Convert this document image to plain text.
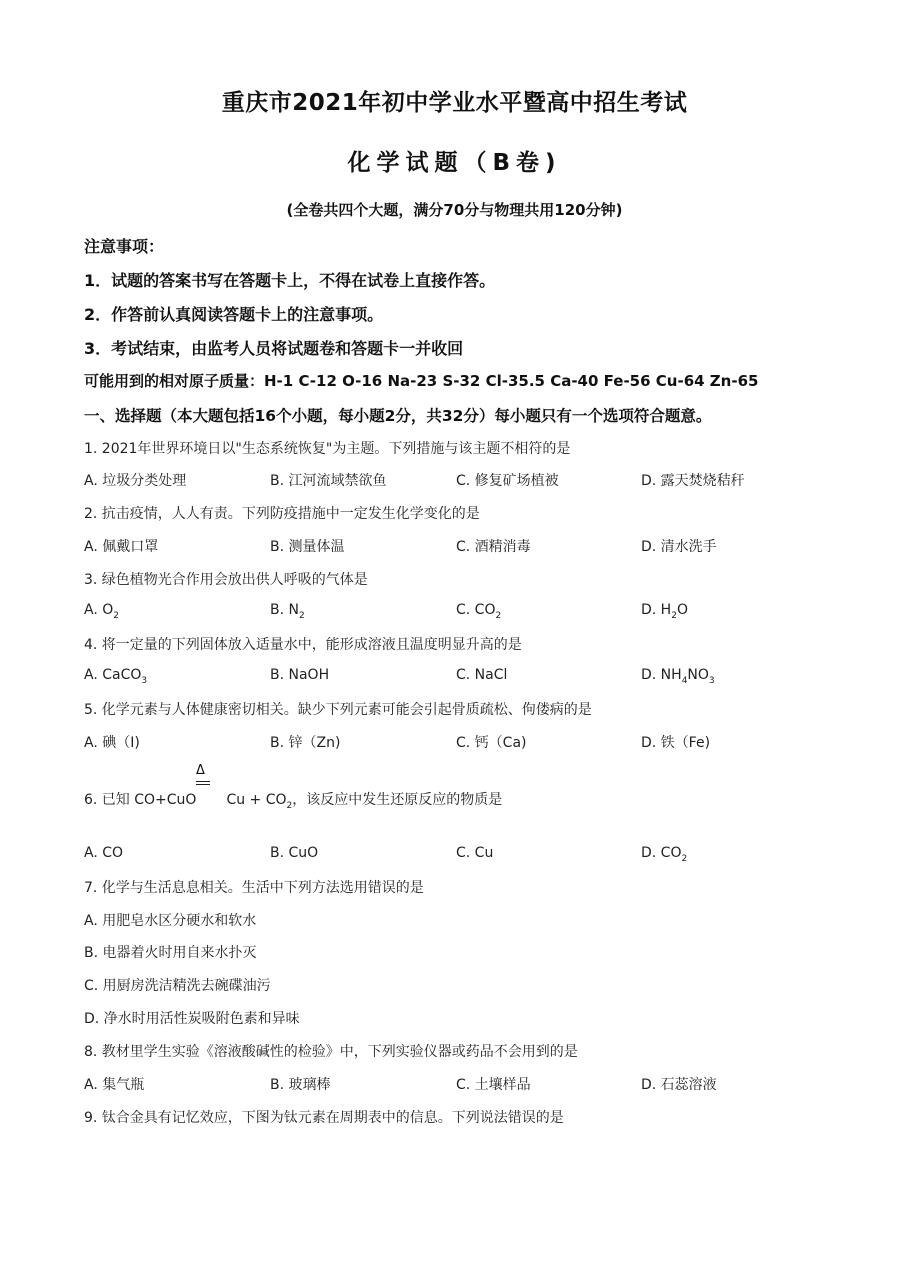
重庆市2021年初中学业水平暨高中招生考试
化学试题（B卷)
(全卷共四个大题，满分70分与物理共用120分钟)
注意事项：
1．试题的答案书写在答题卡上，不得在试卷上直接作答。
2．作答前认真阅读答题卡上的注意事项。
3．考试结束，由监考人员将试题卷和答题卡一并收回
可能用到的相对原子质量：H-1 C-12 O-16 Na-23 S-32 Cl-35.5 Ca-40 Fe-56 Cu-64 Zn-65
一、选择题（本大题包括16个小题，每小题2分，共32分）每小题只有一个选项符合题意。
1. 2021年世界环境日以"生态系统恢复"为主题。下列措施与该主题不相符的是
A. 垃圾分类处理	B. 江河流域禁欲鱼	C. 修复矿场植被	D. 露天焚烧秸秆
2. 抗击疫情，人人有责。下列防疫措施中一定发生化学变化的是
A. 佩戴口罩	B. 测量体温	C. 酒精消毒	D. 清水洗手
3. 绿色植物光合作用会放出供人呼吸的气体是
A. $O_2$	B. $N_2$	C. $CO_2$	D. $H_2O$
4. 将一定量的下列固体放入适量水中，能形成溶液且温度明显升高的是
A. CaCO$_3$	B. NaOH	C. NaCl	D. $NH_4NO_3$
5. 化学元素与人体健康密切相关。缺少下列元素可能会引起骨质疏松、佝偻病的是
A. 碘（I)	B. 锌（Zn)	C. 钙（Ca)	D. 铁（Fe)
Δ
6. 已知 CO+CuO $Cu + CO_2$，该反应中发生还原反应的物质是
A. CO	B. CuO	C. Cu	D. $CO_2$
7. 化学与生活息息相关。生活中下列方法选用错误的是
A. 用肥皂水区分硬水和软水
B. 电器着火时用自来水扑灭
C. 用厨房洗洁精洗去碗碟油污
D. 净水时用活性炭吸附色素和异味
8. 教材里学生实验《溶液酸碱性的检验》中，下列实验仪器或药品不会用到的是
A. 集气瓶	B. 玻璃棒	C. 土壤样品	D. 石蕊溶液
9. 钛合金具有记忆效应，下图为钛元素在周期表中的信息。下列说法错误的是
